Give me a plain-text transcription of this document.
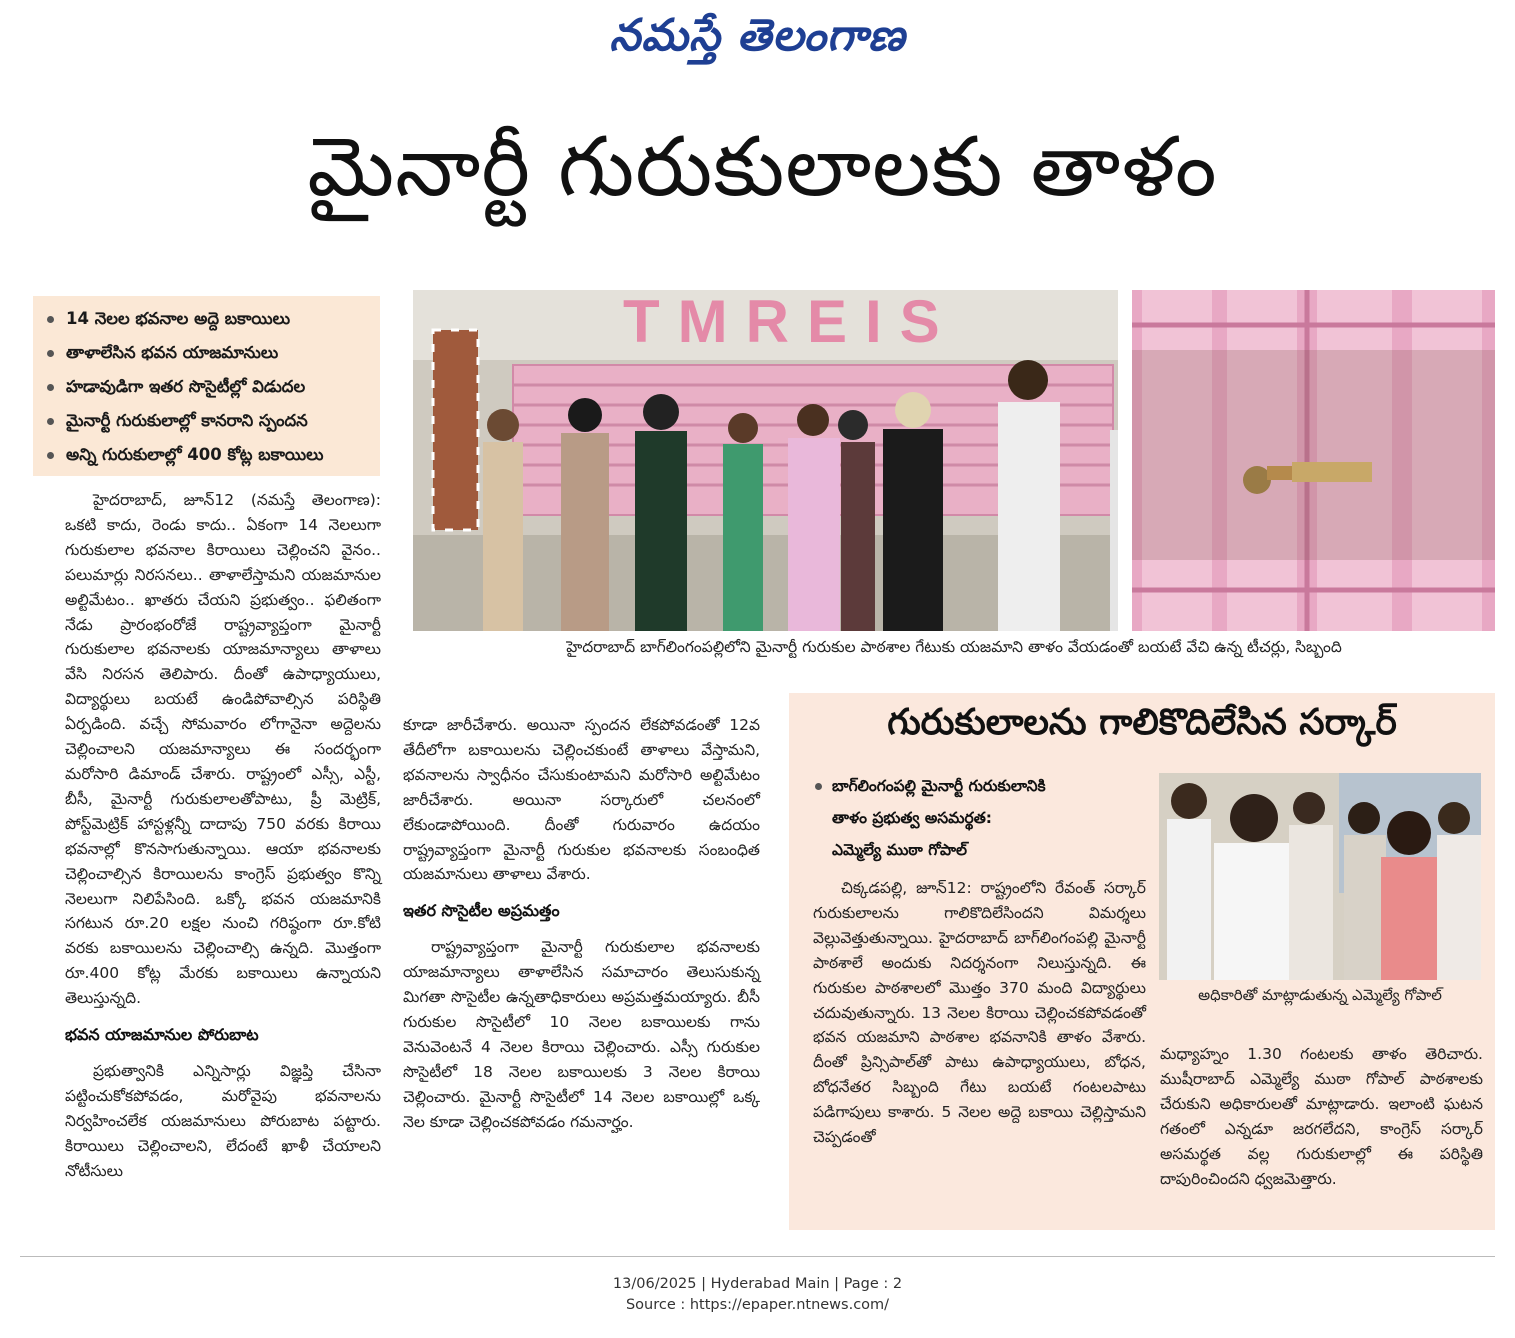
నమస్తే తెలంగాణ
మైనార్టీ గురుకులాలకు తాళం
14 నెలల భవనాల అద్దె బకాయిలు
తాళాలేసిన భవన యాజమానులు
హడావుడిగా ఇతర సొసైటీల్లో విడుదల
మైనార్టీ గురుకులాల్లో కానరాని స్పందన
అన్ని గురుకులాల్లో 400 కోట్ల బకాయిలు

హైదరాబాద్, జూన్12 (నమస్తే తెలంగాణ): ఒకటి కాదు, రెండు కాదు.. ఏకంగా 14 నెలలుగా గురుకులాల భవనాల కిరాయిలు చెల్లించని వైనం.. పలుమార్లు నిరసనలు.. తాళాలేస్తామని యజమానుల అల్టిమేటం.. ఖాతరు చేయని ప్రభుత్వం.. ఫలితంగా నేడు ప్రారంభంరోజే రాష్ట్రవ్యాప్తంగా మైనార్టీ గురుకులాల భవనాలకు యాజమాన్యాలు తాళాలు వేసి నిరసన తెలిపారు. దీంతో ఉపాధ్యాయులు, విద్యార్థులు బయటే ఉండిపోవాల్సిన పరిస్థితి ఏర్పడింది. వచ్చే సోమవారం లోగానైనా అద్దెలను చెల్లించాలని యజమాన్యాలు ఈ సందర్భంగా మరోసారి డిమాండ్ చేశారు. రాష్ట్రంలో ఎస్సీ, ఎస్టీ, బీసీ, మైనార్టీ గురుకులాలతోపాటు, ప్రీ మెట్రిక్, పోస్ట్‌మెట్రిక్ హాస్టళ్లన్నీ దాదాపు 750 వరకు కిరాయి భవనాల్లో కొనసాగుతున్నాయి. ఆయా భవనాలకు చెల్లించాల్సిన కిరాయిలను కాంగ్రెస్ ప్రభుత్వం కొన్ని నెలలుగా నిలిపేసింది. ఒక్కో భవన యజమానికి సగటున రూ.20 లక్షల నుంచి గరిష్ఠంగా రూ.కోటి వరకు బకాయిలను చెల్లించాల్సి ఉన్నది. మొత్తంగా రూ.400 కోట్ల మేరకు బకాయిలు ఉన్నాయని తెలుస్తున్నది.

భవన యాజమానుల పోరుబాట

ప్రభుత్వానికి ఎన్నిసార్లు విజ్ఞప్తి చేసినా పట్టించుకోకపోవడం, మరోవైపు భవనాలను నిర్వహించలేక యజమానులు పోరుబాట పట్టారు. కిరాయిలు చెల్లించాలని, లేదంటే ఖాళీ చేయాలని నోటీసులు

కూడా జారీచేశారు. అయినా స్పందన లేకపోవడంతో 12వ తేదీలోగా బకాయిలను చెల్లించకుంటే తాళాలు వేస్తామని, భవనాలను స్వాధీనం చేసుకుంటామని మరోసారి అల్టిమేటం జారీచేశారు. అయినా సర్కారులో చలనంలో లేకుండాపోయింది. దీంతో గురువారం ఉదయం రాష్ట్రవ్యాప్తంగా మైనార్టీ గురుకుల భవనాలకు సంబంధిత యజమానులు తాళాలు వేశారు.

ఇతర సొసైటీల అప్రమత్తం

రాష్ట్రవ్యాప్తంగా మైనార్టీ గురుకులాల భవనాలకు యాజమాన్యాలు తాళాలేసిన సమాచారం తెలుసుకున్న మిగతా సొసైటీల ఉన్నతాధికారులు అప్రమత్తమయ్యారు. బీసీ గురుకుల సొసైటీలో 10 నెలల బకాయిలకు గాను వెనువెంటనే 4 నెలల కిరాయి చెల్లించారు. ఎస్సీ గురుకుల సొసైటీలో 18 నెలల బకాయిలకు 3 నెలల కిరాయి చెల్లించారు. మైనార్టీ సొసైటీలో 14 నెలల బకాయిల్లో ఒక్క నెల కూడా చెల్లించకపోవడం గమనార్హం.

TMREIS
హైదరాబాద్ బాగ్‌లింగంపల్లిలోని మైనార్టీ గురుకుల పాఠశాల గేటుకు యజమాని తాళం వేయడంతో బయటే వేచి ఉన్న టీచర్లు, సిబ్బంది
గురుకులాలను గాలికొదిలేసిన సర్కార్
బాగ్‌లింగంపల్లి మైనార్టీ గురుకులానికి
తాళం ప్రభుత్వ అసమర్థత:
ఎమ్మెల్యే ముఠా గోపాల్

చిక్కడపల్లి, జూన్12: రాష్ట్రంలోని రేవంత్ సర్కార్ గురుకులాలను గాలికొదిలేసిందని విమర్శలు వెల్లువెత్తుతున్నాయి. హైదరాబాద్ బాగ్‌లింగంపల్లి మైనార్టీ పాఠశాలే అందుకు నిదర్శనంగా నిలుస్తున్నది. ఈ గురుకుల పాఠశాలలో మొత్తం 370 మంది విద్యార్థులు చదువుతున్నారు. 13 నెలల కిరాయి చెల్లించకపోవడంతో భవన యజమాని పాఠశాల భవనానికి తాళం వేశారు. దీంతో ప్రిన్సిపాల్‌తో పాటు ఉపాధ్యాయులు, బోధన, బోధనేతర సిబ్బంది గేటు బయటే గంటలపాటు పడిగాపులు కాశారు. 5 నెలల అద్దె బకాయి చెల్లిస్తామని చెప్పడంతో

అధికారితో మాట్లాడుతున్న ఎమ్మెల్యే గోపాల్

మధ్యాహ్నం 1.30 గంటలకు తాళం తెరిచారు. ముషీరాబాద్ ఎమ్మెల్యే ముఠా గోపాల్ పాఠశాలకు చేరుకుని అధికారులతో మాట్లాడారు. ఇలాంటి ఘటన గతంలో ఎన్నడూ జరగలేదని, కాంగ్రెస్ సర్కార్ అసమర్థత వల్ల గురుకులాల్లో ఈ పరిస్థితి దాపురించిందని ధ్వజమెత్తారు.

13/06/2025 | Hyderabad Main | Page : 2
Source : https://epaper.ntnews.com/
